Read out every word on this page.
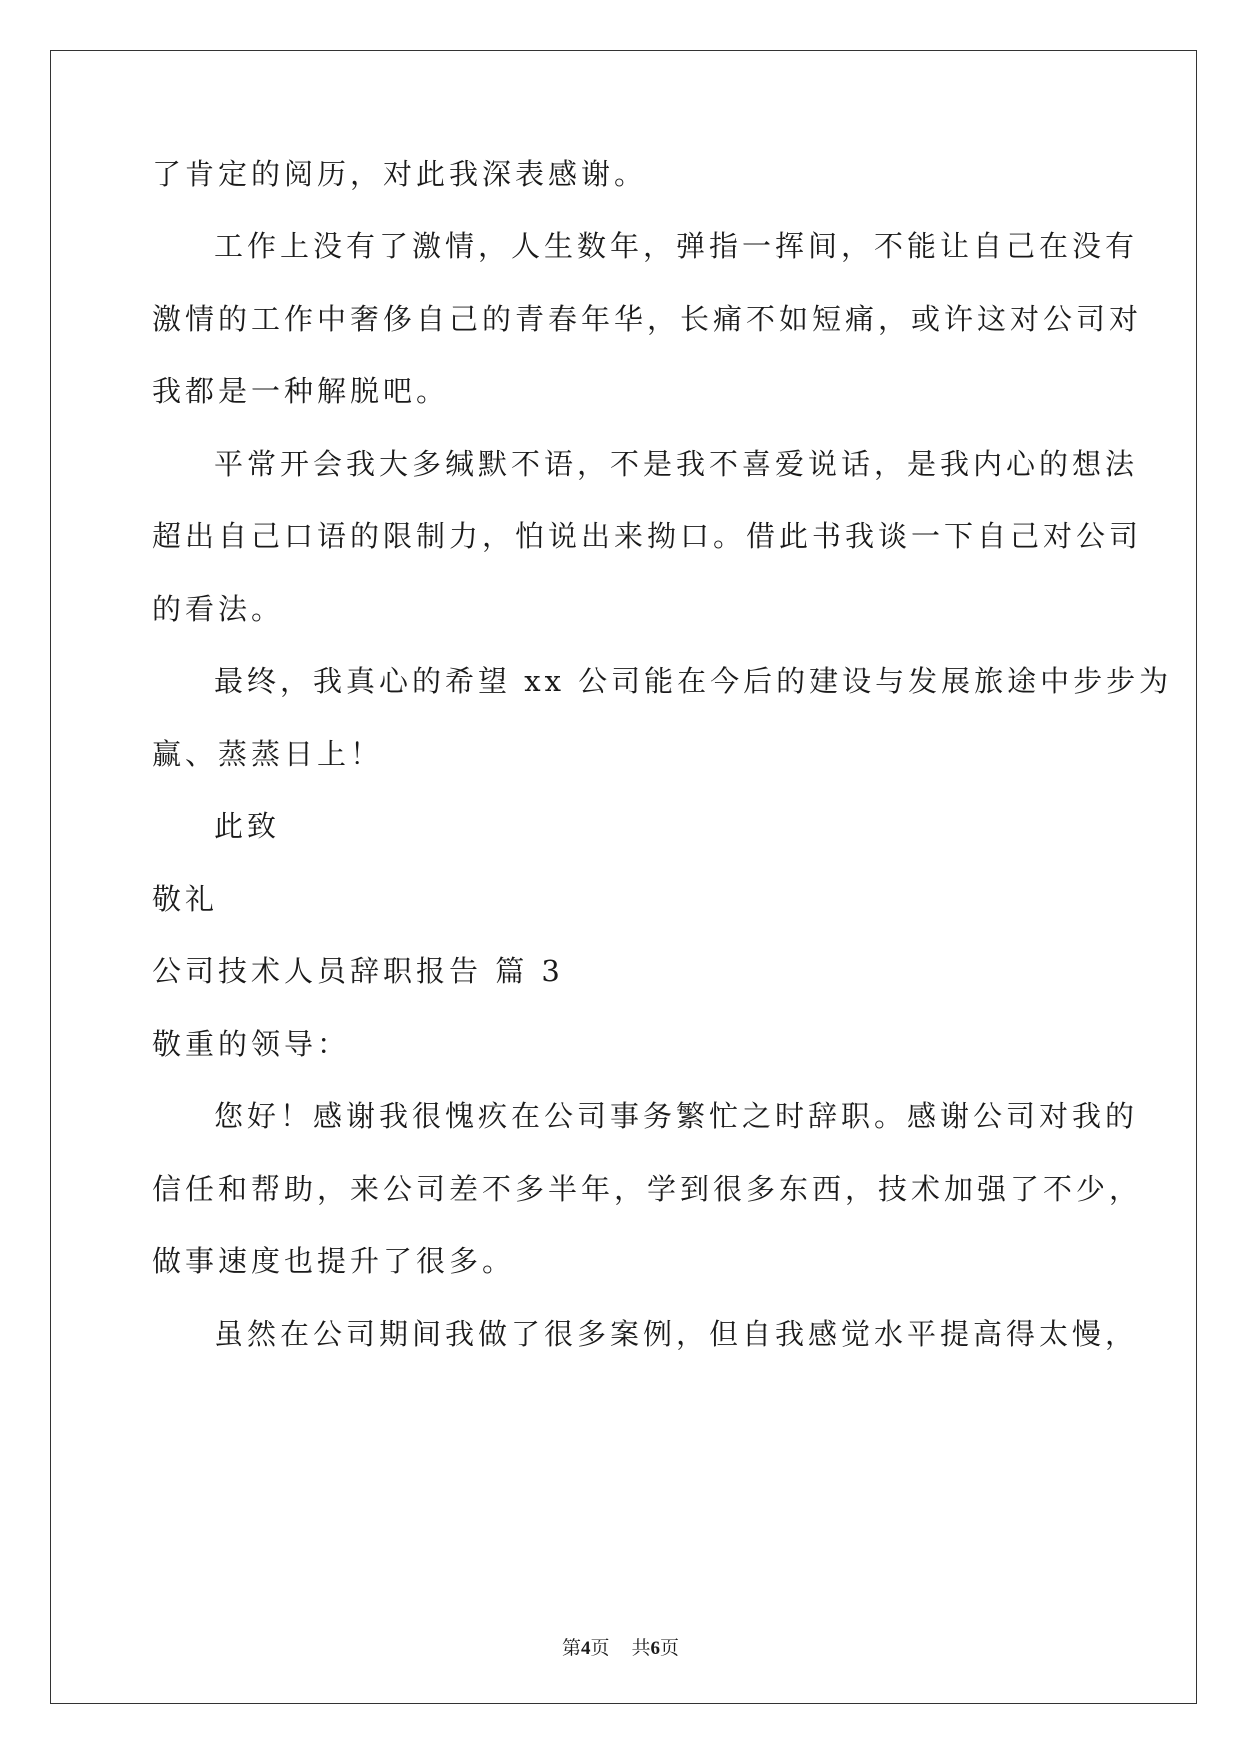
了肯定的阅历，对此我深表感谢。
工作上没有了激情，人生数年，弹指一挥间，不能让自己在没有
激情的工作中奢侈自己的青春年华，长痛不如短痛，或许这对公司对
我都是一种解脱吧。
平常开会我大多缄默不语，不是我不喜爱说话，是我内心的想法
超出自己口语的限制力，怕说出来拗口。借此书我谈一下自己对公司
的看法。
最终，我真心的希望 xx 公司能在今后的建设与发展旅途中步步为
赢、蒸蒸日上！
此致
敬礼
公司技术人员辞职报告 篇 3
敬重的领导：
您好！感谢我很愧疚在公司事务繁忙之时辞职。感谢公司对我的
信任和帮助，来公司差不多半年，学到很多东西，技术加强了不少，
做事速度也提升了很多。
虽然在公司期间我做了很多案例，但自我感觉水平提高得太慢，
第4页 共6页
